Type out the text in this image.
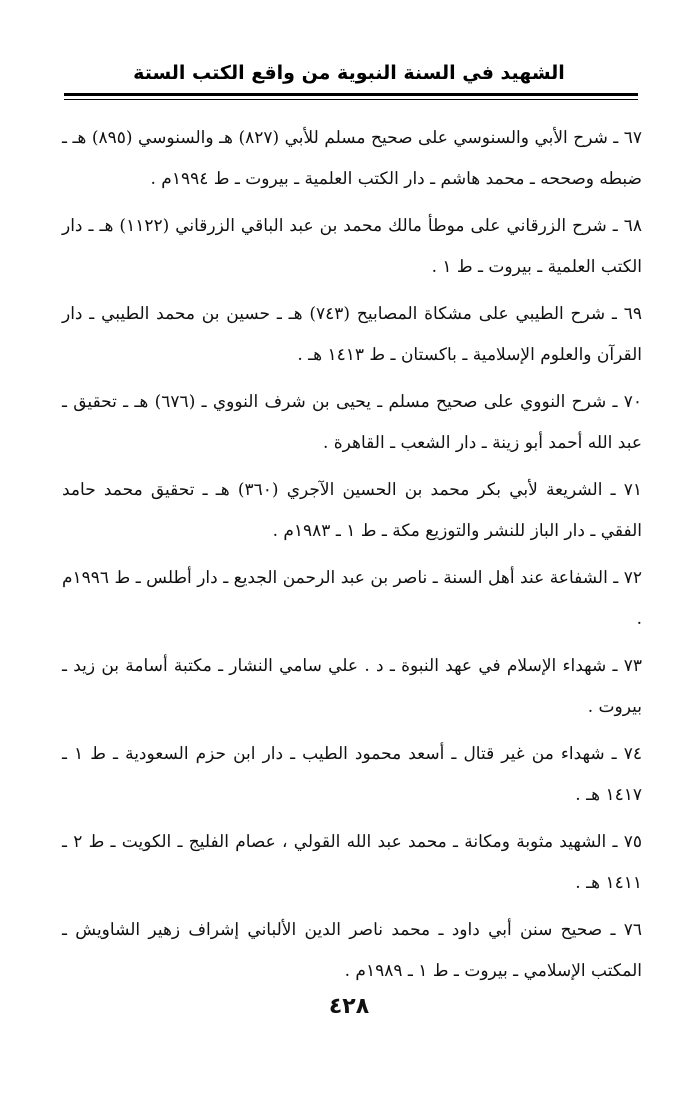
الشهيد في السنة النبوية من واقع الكتب الستة

٦٧ ـ شرح الأبي والسنوسي على صحيح مسلم للأبي (٨٢٧) هـ والسنوسي (٨٩٥) هـ ـ ضبطه وصححه ـ محمد هاشم ـ دار الكتب العلمية ـ بيروت ـ ط ١٩٩٤م .

٦٨ ـ شرح الزرقاني على موطأ مالك محمد بن عبد الباقي الزرقاني (١١٢٢) هـ ـ دار الكتب العلمية ـ بيروت ـ ط ١ .

٦٩ ـ شرح الطيبي على مشكاة المصابيح (٧٤٣) هـ ـ حسين بن محمد الطيبي ـ دار القرآن والعلوم الإسلامية ـ باكستان ـ ط ١٤١٣ هـ .

٧٠ ـ شرح النووي على صحيح مسلم ـ يحيى بن شرف النووي ـ (٦٧٦) هـ ـ تحقيق ـ عبد الله أحمد أبو زينة ـ دار الشعب ـ القاهرة .

٧١ ـ الشريعة لأبي بكر محمد بن الحسين الآجري (٣٦٠) هـ ـ تحقيق محمد حامد الفقي ـ دار الباز للنشر والتوزيع مكة ـ ط ١ ـ ١٩٨٣م .

٧٢ ـ الشفاعة عند أهل السنة ـ ناصر بن عبد الرحمن الجديع ـ دار أطلس ـ ط ١٩٩٦م .

٧٣ ـ شهداء الإسلام في عهد النبوة ـ د . علي سامي النشار ـ مكتبة أسامة بن زيد ـ بيروت .

٧٤ ـ شهداء من غير قتال ـ أسعد محمود الطيب ـ دار ابن حزم السعودية ـ ط ١ ـ ١٤١٧ هـ .

٧٥ ـ الشهيد مثوبة ومكانة ـ محمد عبد الله القولي ، عصام الفليج ـ الكويت ـ ط ٢ ـ ١٤١١ هـ .

٧٦ ـ صحيح سنن أبي داود ـ محمد ناصر الدين الألباني إشراف زهير الشاويش ـ المكتب الإسلامي ـ بيروت ـ ط ١ ـ ١٩٨٩م .

٤٢٨
